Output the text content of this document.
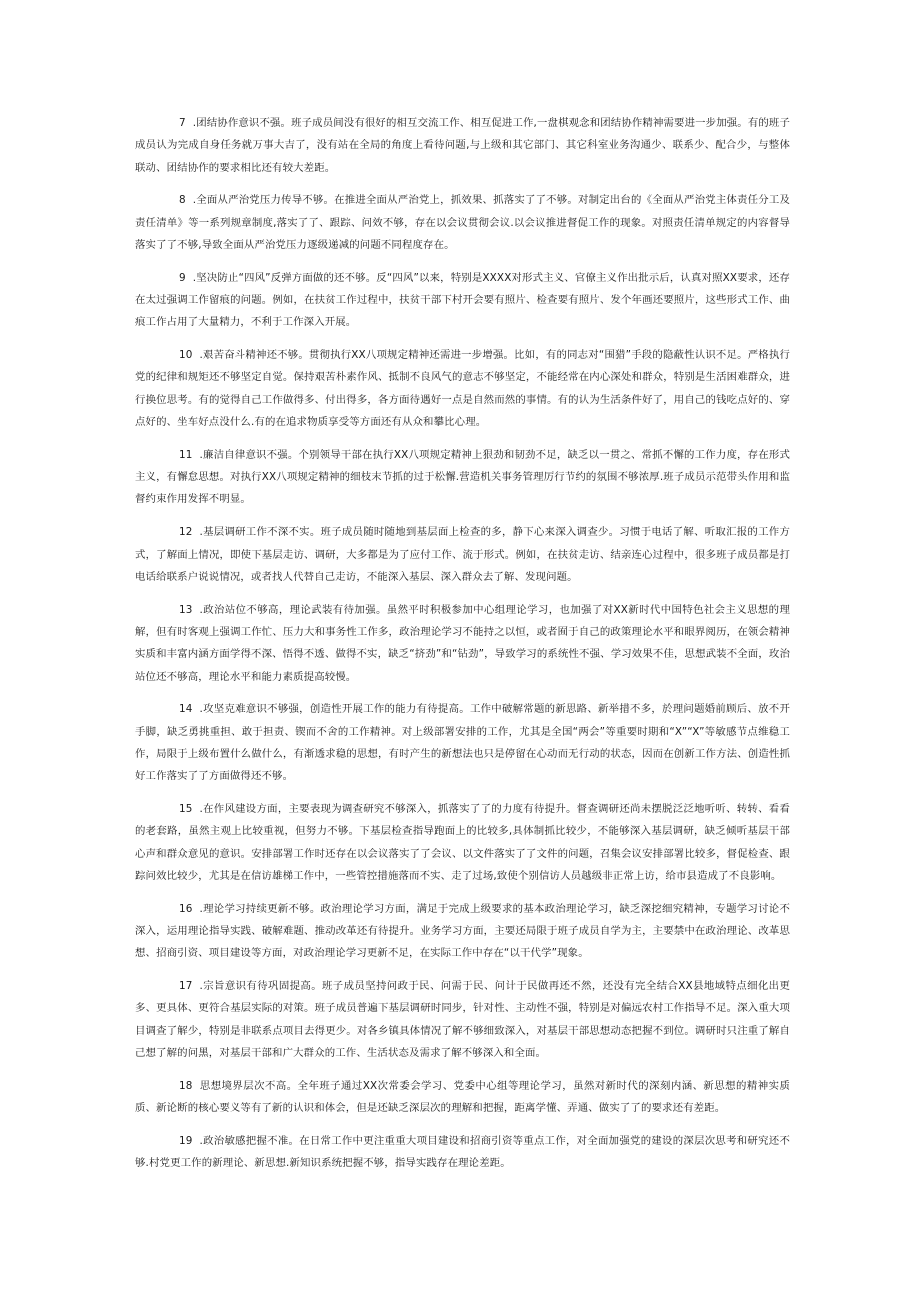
7 .团结协作意识不强。班子成员间没有很好的相互交流工作、相互促进工作,一盘棋观念和团结协作精神需要进一步加强。有的班子成员认为完成自身任务就万事大吉了，没有站在全局的角度上看待问题,与上级和其它部门、其它科室业务沟通少、联系少、配合少，与整体联动、团结协作的要求相比还有较大差距。

8 .全面从严治党压力传导不够。在推进全面从严治党上，抓效果、抓落实了了不够。对制定出台的《全面从严治党主体责任分工及责任清单》等一系列规章制度,落实了了、跟踪、问效不够，存在以会议贯彻会议.以会议推进督促工作的现象。对照责任清单规定的内容督导落实了了不够,导致全面从严治党压力逐级递减的问题不同程度存在。

9 .坚决防止“四风”反弹方面做的还不够。反“四风”以来，特别是XXXX对形式主义、官僚主义作出批示后，认真对照XX要求，还存在太过强调工作留痕的问题。例如，在扶贫工作过程中，扶贫干部下村开会要有照片、检查要有照片、发个年画还要照片，这些形式工作、曲痕工作占用了大量精力，不利于工作深入开展。

10 .艰苦奋斗精神还不够。贯彻执行XX八项规定精神还需进一步增强。比如，有的同志对“围猎”手段的隐蔽性认识不足。严格执行党的纪律和规矩还不够坚定自觉。保持艰苦朴素作风、抵制不良风气的意志不够坚定，不能经常在内心深处和群众，特别是生活困难群众，进行换位思考。有的觉得自己工作做得多、付出得多，各方面待遇好一点是自然而然的事情。有的认为生活条件好了，用自己的钱吃点好的、穿点好的、坐车好点没什么.有的在追求物质享受等方面还有从众和攀比心理。

11 .廉洁自律意识不强。个别领导干部在执行XX八项规定精神上狠劲和韧劲不足，缺乏以一贯之、常抓不懈的工作力度，存在形式主义，有懈怠思想。对执行XX八项规定精神的细枝末节抓的过于松懈.营造机关事务管理厉行节约的氛围不够浓厚.班子成员示范带头作用和监督约束作用发挥不明显。

12 .基层调研工作不深不实。班子成员随时随地到基层面上检查的多，静下心来深入调查少。习惯于电话了解、听取汇报的工作方式，了解面上情况，即使下基层走访、调研，大多都是为了应付工作、流于形式。例如，在扶贫走访、结亲连心过程中，很多班子成员都是打电话给联系户说说情况，或者找人代替自己走访，不能深入基层、深入群众去了解、发现问题。

13 .政治站位不够高，理论武装有待加强。虽然平时积极参加中心组理论学习，也加强了对XX新时代中国特色社会主义思想的理解，但有时客观上强调工作忙、压力大和事务性工作多，政治理论学习不能持之以恒，或者囿于自己的政策理论水平和眼界阅历，在领会精神实质和丰富内涵方面学得不深、悟得不透、做得不实，缺乏“挤劲”和“钻劲”，导致学习的系统性不强、学习效果不佳，思想武装不全面，玫治站位还不够高，理论水平和能力素质提高较慢。

14 .攻坚克难意识不够强，创造性开展工作的能力有待提高。工作中破解常题的新思路、新举措不多，於理问题婚前顾后、放不开手脚，缺乏勇挑重担、敢于担责、锲而不舍的工作精神。对上级部署安排的工作，尤其是全国“两会”等重要时期和“X”“X”等敏感节点维稳工作，局限于上级布置什么做什么，有渐透求稳的思想，有时产生的新想法也只是停留在心动而无行动的状态，因而在创新工作方法、创造性抓好工作落实了了方面做得还不够。

15 .在作风建设方面，主要表现为调查研究不够深入，抓落实了了的力度有待提升。督查调研还尚未摆脱泛泛地听听、转转、看看的老套路，虽然主观上比较重视，但努力不够。下基层检查指导跑面上的比较多,具体制抓比较少，不能够深入基层调研，缺乏倾听基层干部心声和群众意见的意识。安排部署工作时还存在以会议落实了了会议、以文件落实了了文件的问题，召集会议安排部署比较多，督促检查、跟踪问效比较少，尤其是在信访雄梯工作中，一些管控措施落而不实、走了过场,致使个别信访人员越级非正常上访，给市县造成了不良影响。

16 .理论学习持续更新不够。政治理论学习方面，满足于完成上级要求的基本政治理论学习，缺乏深挖细究精神，专题学习讨论不深入，运用理论指导实践、破解难题、推动改革还有待提升。业务学习方面，主要还局限于班子成员自学为主，主要禁中在政治理论、改革思想、招商引资、项目建设等方面，对政治理论学习更新不足，在实际工作中存在“以干代学”现象。

17 .宗旨意识有待巩固提高。班子成员坚持问政于民、问需于民、问计于民做再还不然，还没有完全结合XX县地域特点细化出更多、更具体、更符合基层实际的对策。班子成员普遍下基层调研时同步，针对性、主动性不强，特别是对偏远农村工作指导不足。深入重大项目调查了解少，特别是非联系点项目去得更少。对各乡镇具体情况了解不够细致深入，对基层干部思想动态把握不到位。调研时只注重了解自己想了解的问黑，对基层干部和广大群众的工作、生活状态及需求了解不够深入和全面。

18 思想境界层次不高。全年班子通过XX次常委会学习、党委中心组等理论学习，虽然对新时代的深刻内涵、新思想的精神实质质、新论断的核心要义等有了新的认识和体会，但是还缺乏深层次的理解和把握，距离学懂、弄通、做实了了的要求还有差距。

19 .政治敏感把握不准。在日常工作中更注重重大项目建设和招商引资等重点工作，对全面加强党的建设的深层次思考和研究还不够.村党更工作的新理论、新思想.新知识系统把握不够，指导实践存在理论差距。
